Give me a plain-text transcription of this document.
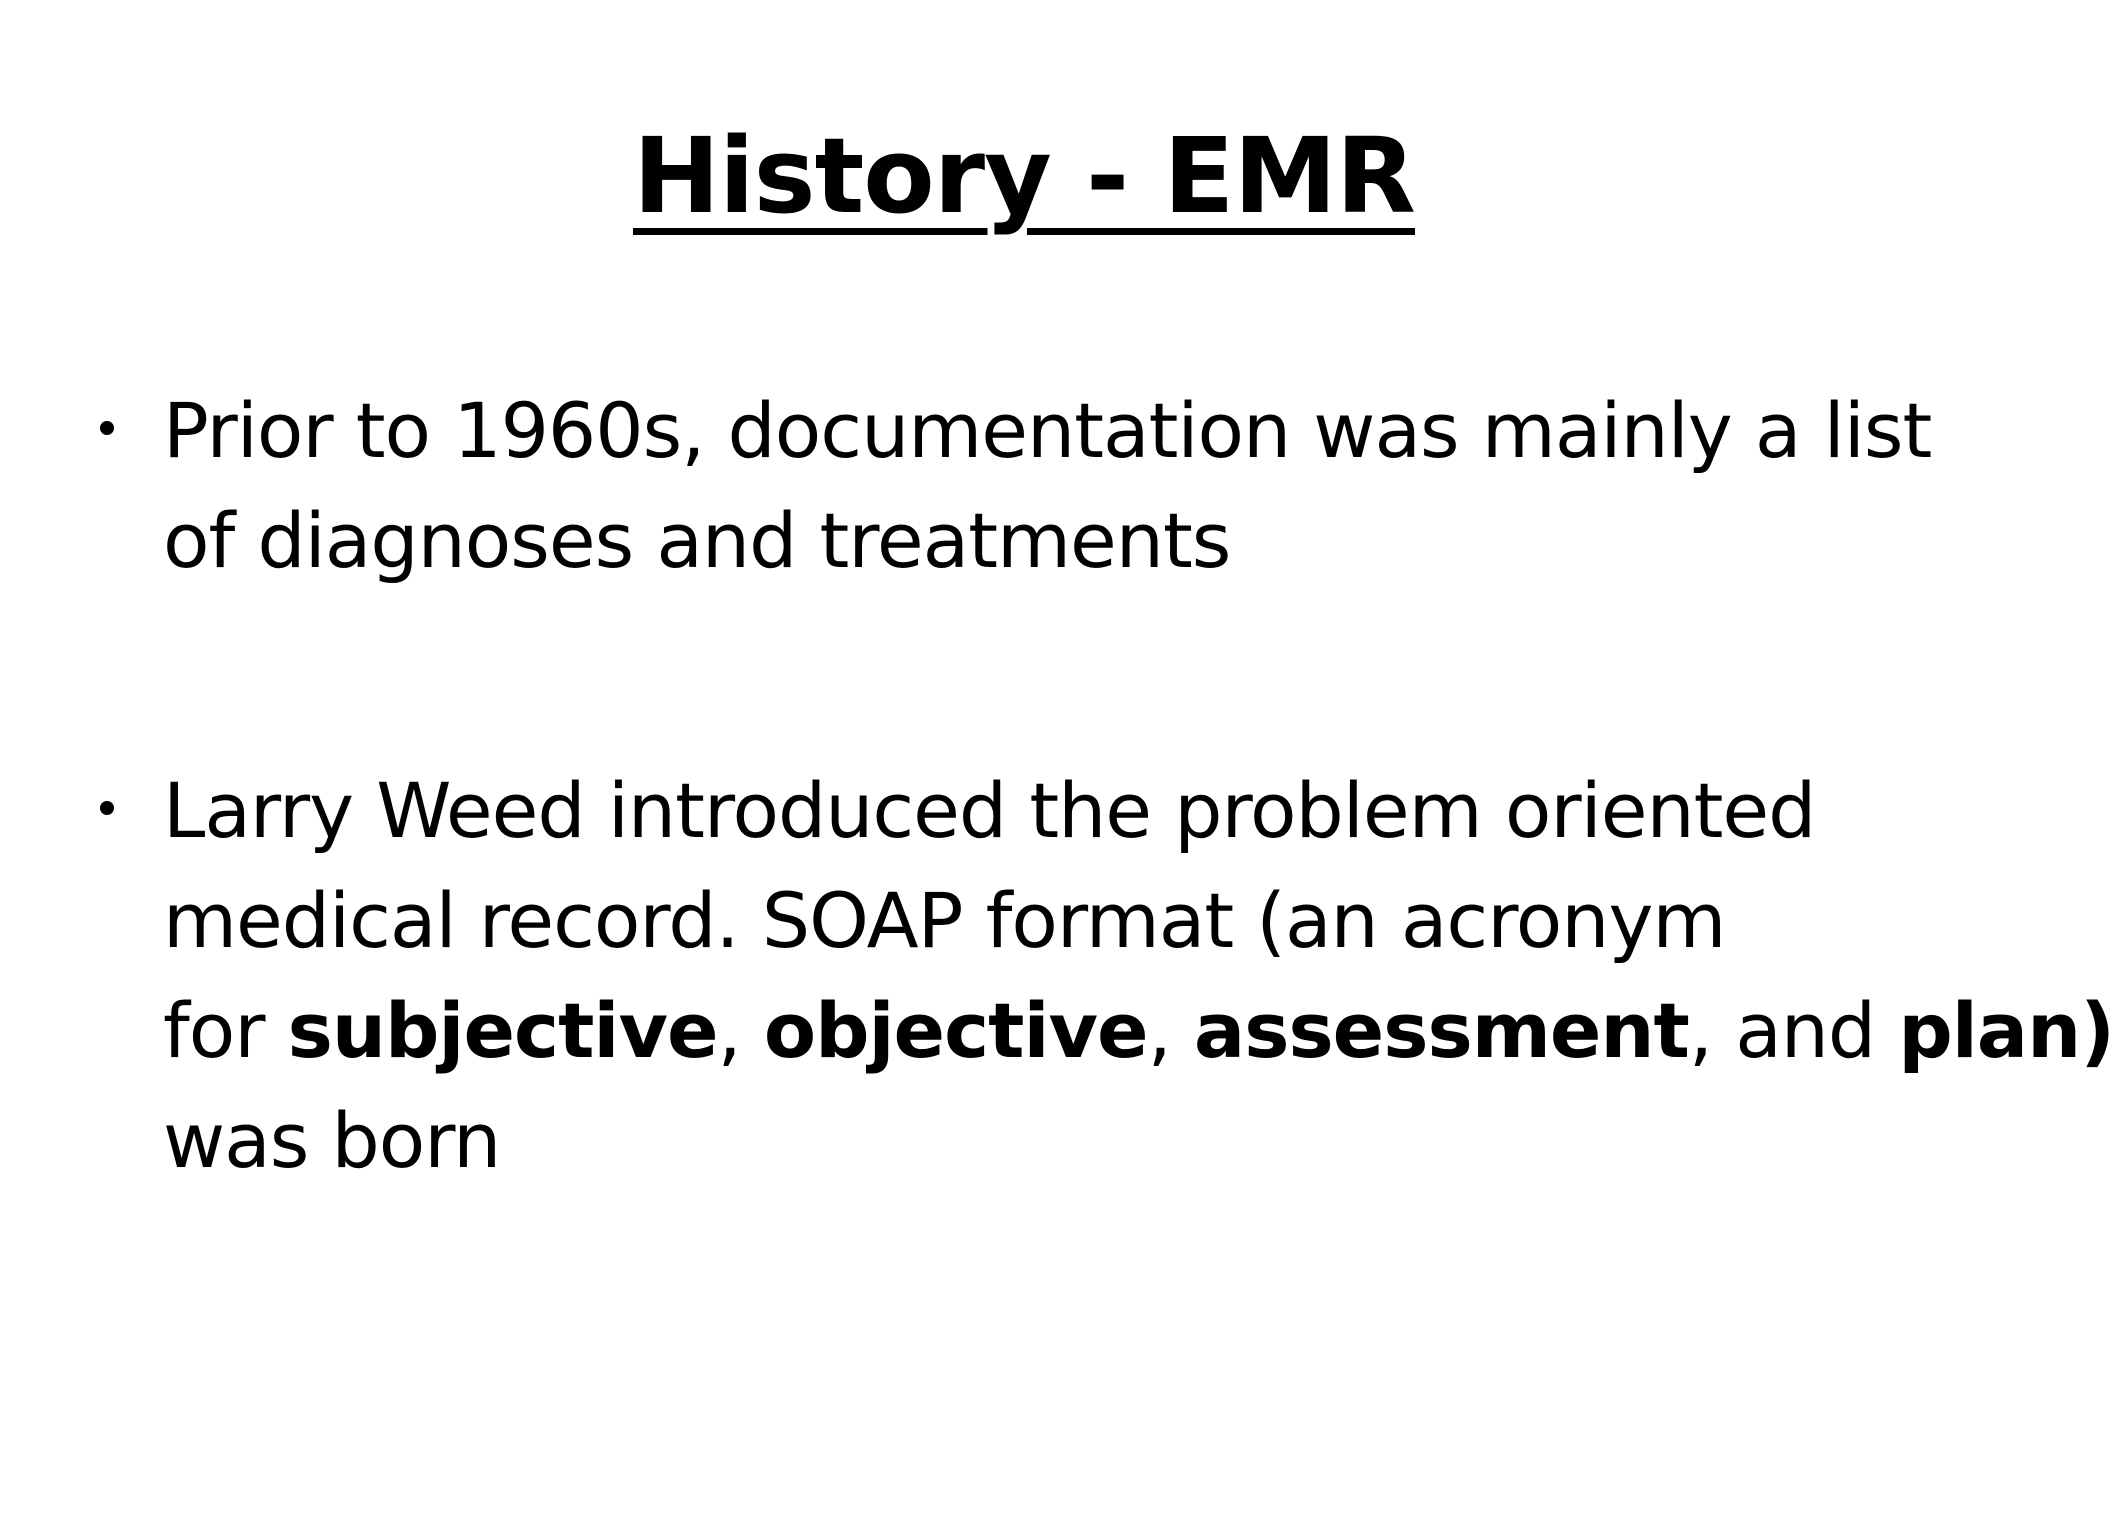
History - EMR
Prior to 1960s, documentation was mainly a list
of diagnoses and treatments
Larry Weed introduced the problem oriented
medical record. SOAP format (an acronym
for subjective, objective, assessment, and plan)
was born
